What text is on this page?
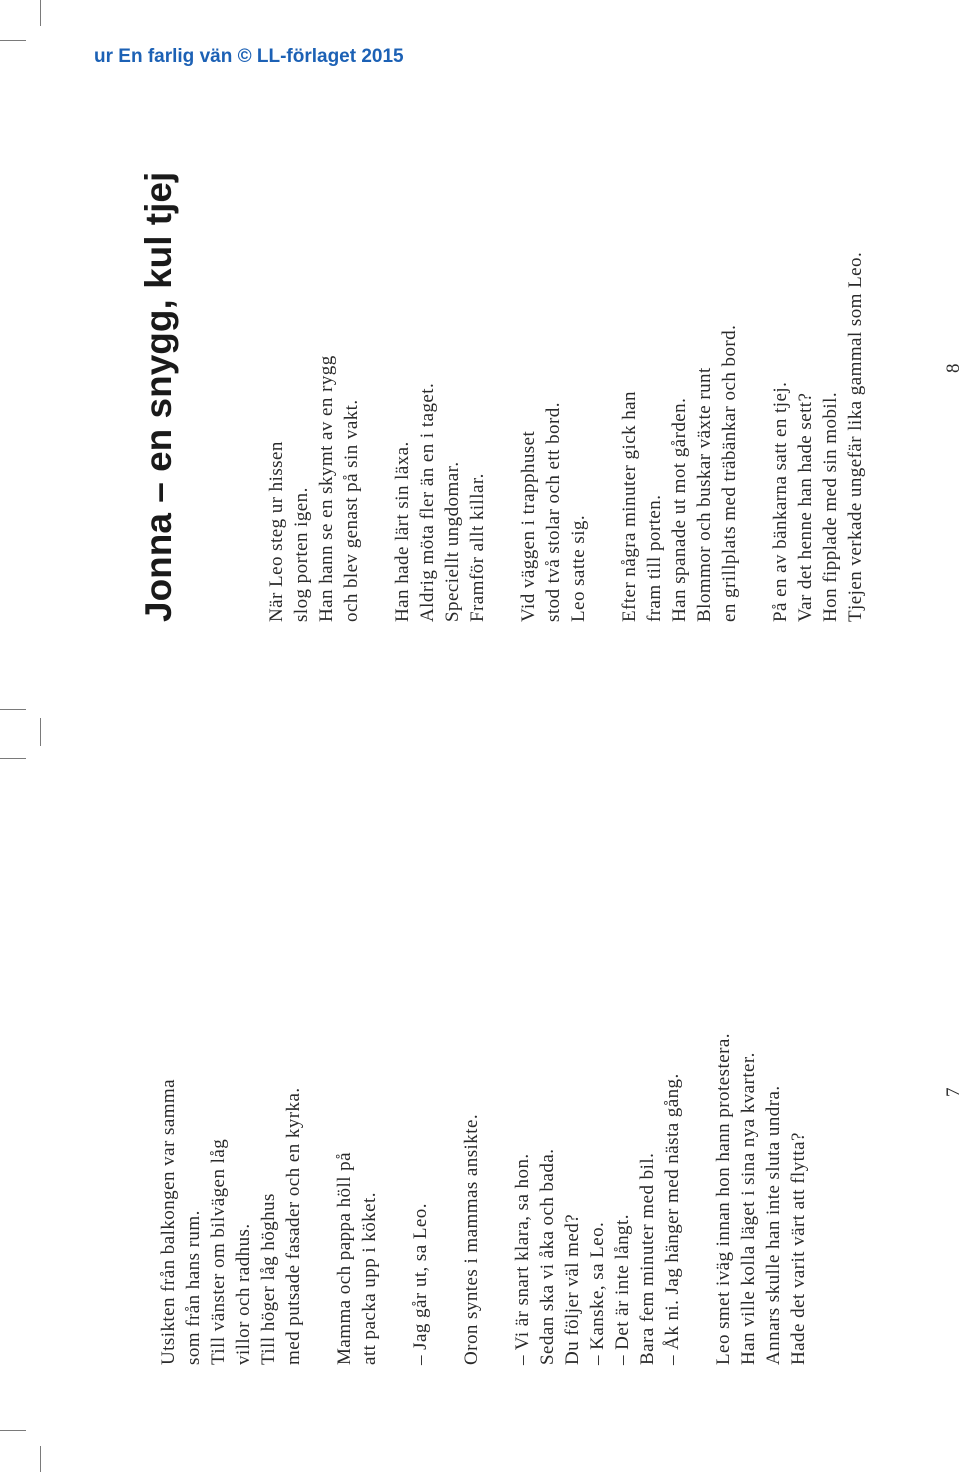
ur En farlig vän © LL-förlaget 2015

Jonna – en snygg, kul tjej

Utsikten från balkongen var samma som från hans rum. Till vänster om bilvägen låg villor och radhus. Till höger låg höghus med putsade fasader och en kyrka. Mamma och pappa höll på att packa upp i köket. – Jag går ut, sa Leo. Oron syntes i mammas ansikte. – Vi är snart klara, sa hon. Sedan ska vi åka och bada. Du följer väl med? – Kanske, sa Leo. – Det är inte långt. Bara fem minuter med bil. – Åk ni. Jag hänger med nästa gång. Leo smet iväg innan hon hann protestera. Han ville kolla läget i sina nya kvarter. Annars skulle han inte sluta undra. Hade det varit värt att flytta?

När Leo steg ur hissen slog porten igen. Han hann se en skymt av en rygg och blev genast på sin vakt. Han hade lärt sin läxa. Aldrig möta fler än en i taget. Speciellt ungdomar. Framför allt killar. Vid väggen i trapphuset stod två stolar och ett bord. Leo satte sig. Efter några minuter gick han fram till porten. Han spanade ut mot gården. Blommor och buskar växte runt en grillplats med träbänkar och bord. På en av bänkarna satt en tjej. Var det henne han hade sett? Hon fipplade med sin mobil. Tjejen verkade ungefär lika gammal som Leo.

7

8
